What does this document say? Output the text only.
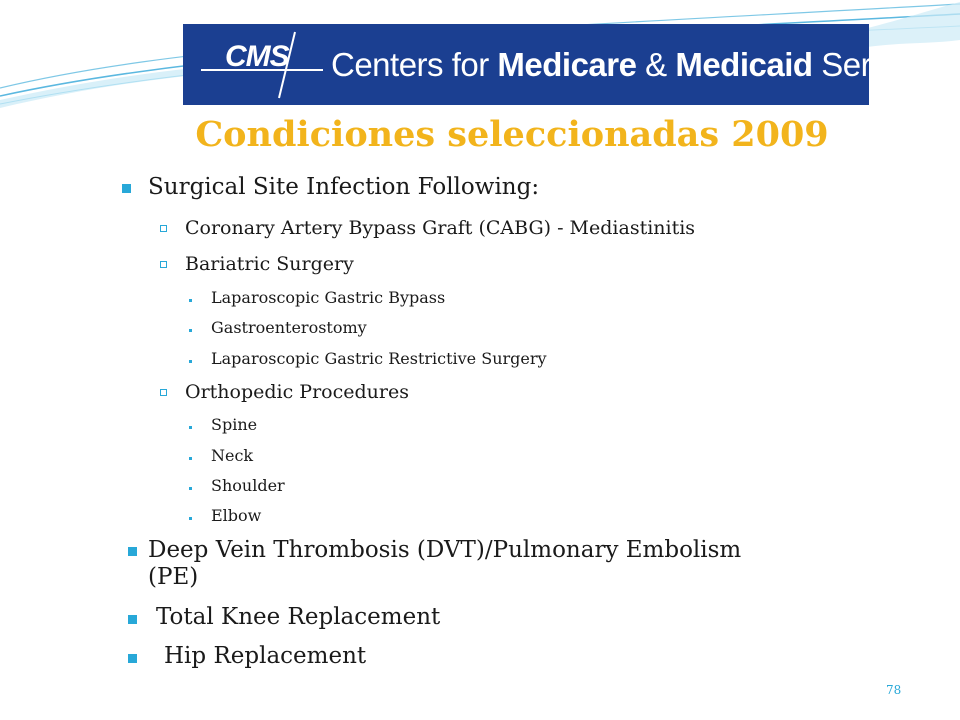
CMS Centers for Medicare & Medicaid Services
Condiciones seleccionadas 2009
Surgical Site Infection Following:
Coronary Artery Bypass Graft (CABG) - Mediastinitis
Bariatric Surgery
Laparoscopic Gastric Bypass
Gastroenterostomy
Laparoscopic Gastric Restrictive Surgery
Orthopedic Procedures
Spine
Neck
Shoulder
Elbow
Deep Vein Thrombosis (DVT)/Pulmonary Embolism
(PE)
Total Knee Replacement
Hip Replacement
78
